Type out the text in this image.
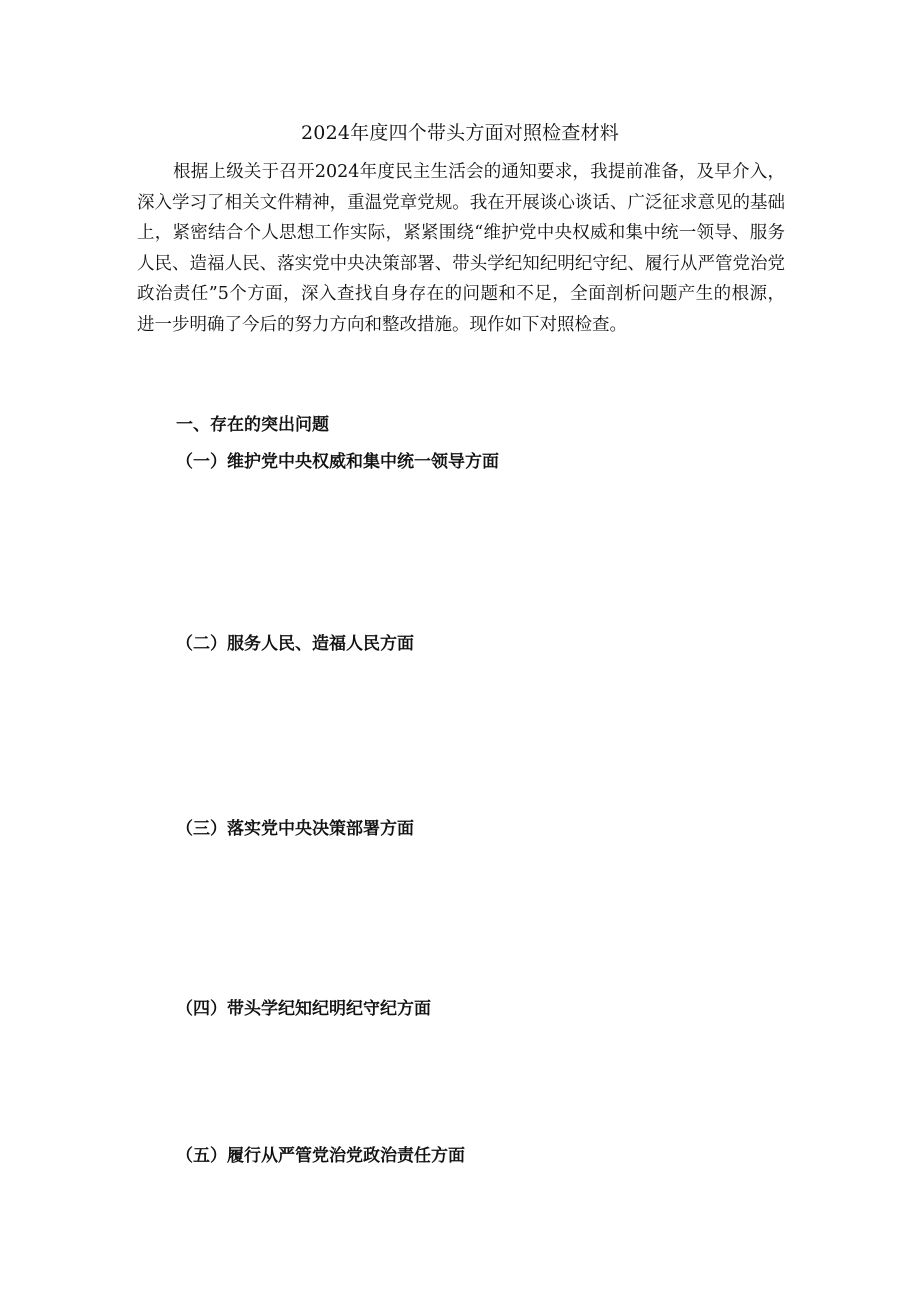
2024年度四个带头方面对照检查材料

根据上级关于召开2024年度民主生活会的通知要求，我提前准备，及早介入，深入学习了相关文件精神，重温党章党规。我在开展谈心谈话、广泛征求意见的基础上，紧密结合个人思想工作实际，紧紧围绕“维护党中央权威和集中统一领导、服务人民、造福人民、落实党中央决策部署、带头学纪知纪明纪守纪、履行从严管党治党政治责任”5个方面，深入查找自身存在的问题和不足，全面剖析问题产生的根源，进一步明确了今后的努力方向和整改措施。现作如下对照检查。

一、存在的突出问题
（一）维护党中央权威和集中统一领导方面
（二）服务人民、造福人民方面
（三）落实党中央决策部署方面
（四）带头学纪知纪明纪守纪方面
（五）履行从严管党治党政治责任方面
